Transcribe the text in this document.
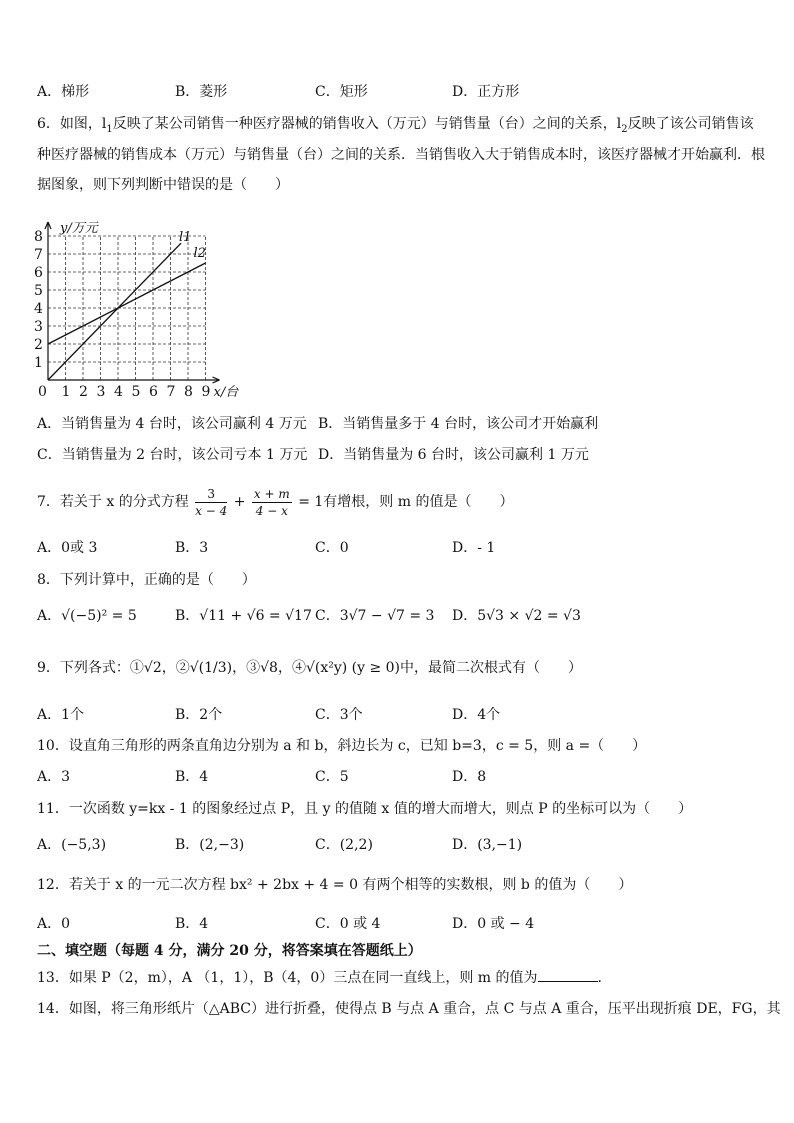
A．梯形	B．菱形	C．矩形	D．正方形
6．如图，$l_1$反映了某公司销售一种医疗器械的销售收入（万元）与销售量（台）之间的关系，$l_2$反映了该公司销售该
种医疗器械的销售成本（万元）与销售量（台）之间的关系．当销售收入大于销售成本时，该医疗器械才开始赢利．根
据图象，则下列判断中错误的是（　　）
0 1 2 3 4 5 6 7 8 9
1
2
3
4
5
6
7
8
y/万元
x/台
l1
l2
A．当销售量为 4 台时，该公司赢利 4 万元 B．当销售量多于 4 台时，该公司才开始赢利
C．当销售量为 2 台时，该公司亏本 1 万元 D．当销售量为 6 台时，该公司赢利 1 万元
7．若关于 x 的分式方程 $\frac{3}{x - 4} + \frac{x + m}{4 - x} = 1$有增根，则 m 的值是（　　）
A．0或 3	B．3	C．0	D．- 1
8．下列计算中，正确的是（　　）
A．√(−5)² = 5	B．√11 + √6 = √17 C．3√7 − √7 = 3 D．5√3 × √2 = √3
9．下列各式：①√2，②√(1/3)，③√8，④√(x²y) (y ≥ 0)中，最简二次根式有（　　）
A．1个	B．2个	C．3个	D．4个
10．设直角三角形的两条直角边分别为 a 和 b，斜边长为 c，已知 b=3，c = 5，则 a =（　　）
A．3	B．4	C．5	D．8
11．一次函数 y=kx - 1 的图象经过点 P，且 y 的值随 x 值的增大而增大，则点 P 的坐标可以为（　　）
A．(−5,3)	B．(2,−3)	C．(2,2)	D．(3,−1)
12．若关于 x 的一元二次方程 bx² + 2bx + 4 = 0 有两个相等的实数根，则 b 的值为（　　）
A．0	B．4	C．0 或 4	D．0 或 − 4
二、填空题（每题 4 分，满分 20 分，将答案填在答题纸上）
13．如果 P（2，m），A （1，1），B（4，0）三点在同一直线上，则 m 的值为	.
14．如图，将三角形纸片（△ABC）进行折叠，使得点 B 与点 A 重合，点 C 与点 A 重合，压平出现折痕 DE，FG，其
